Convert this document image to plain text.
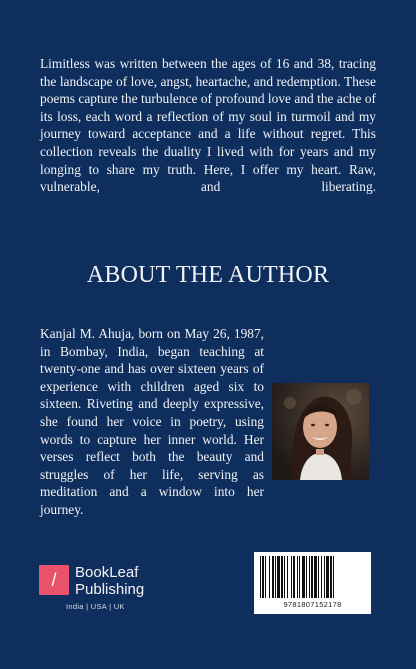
Limitless was written between the ages of 16 and 38, tracing the landscape of love, angst, heartache, and redemption. These poems capture the turbulence of profound love and the ache of its loss, each word a reflection of my soul in turmoil and my journey toward acceptance and a life without regret. This collection reveals the duality I lived with for years and my longing to share my truth. Here, I offer my heart. Raw, vulnerable, and liberating.

ABOUT THE AUTHOR

Kanjal M. Ahuja, born on May 26, 1987, in Bombay, India, began teaching at twenty-one and has over sixteen years of experience with children aged six to sixteen. Riveting and deeply expressive, she found her voice in poetry, using words to capture her inner world. Her verses reflect both the beauty and struggles of her life, serving as meditation and a window into her journey.

/	BookLeaf
Publishing
India | USA | UK	9781807152178
